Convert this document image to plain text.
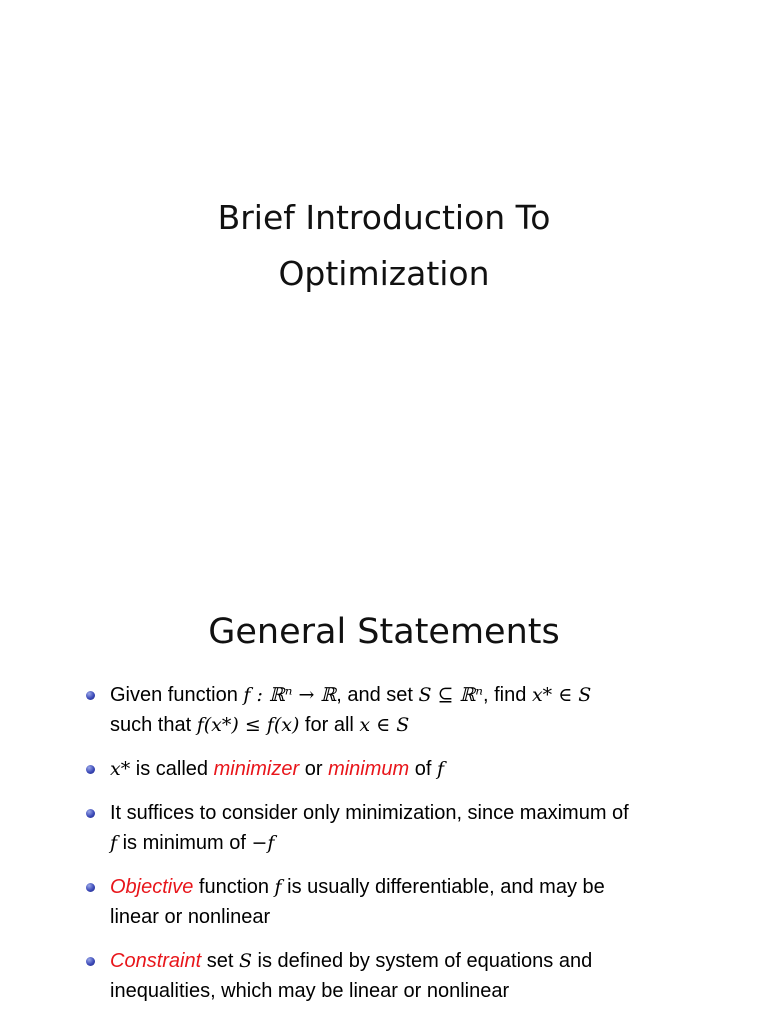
Brief Introduction To
Optimization
General Statements
Given function f : ℝⁿ → ℝ, and set S ⊆ ℝⁿ, find x* ∈ S
such that f(x*) ≤ f(x) for all x ∈ S
x* is called minimizer or minimum of f
It suffices to consider only minimization, since maximum of
f is minimum of −f
Objective function f is usually differentiable, and may be
linear or nonlinear
Constraint set S is defined by system of equations and
inequalities, which may be linear or nonlinear
